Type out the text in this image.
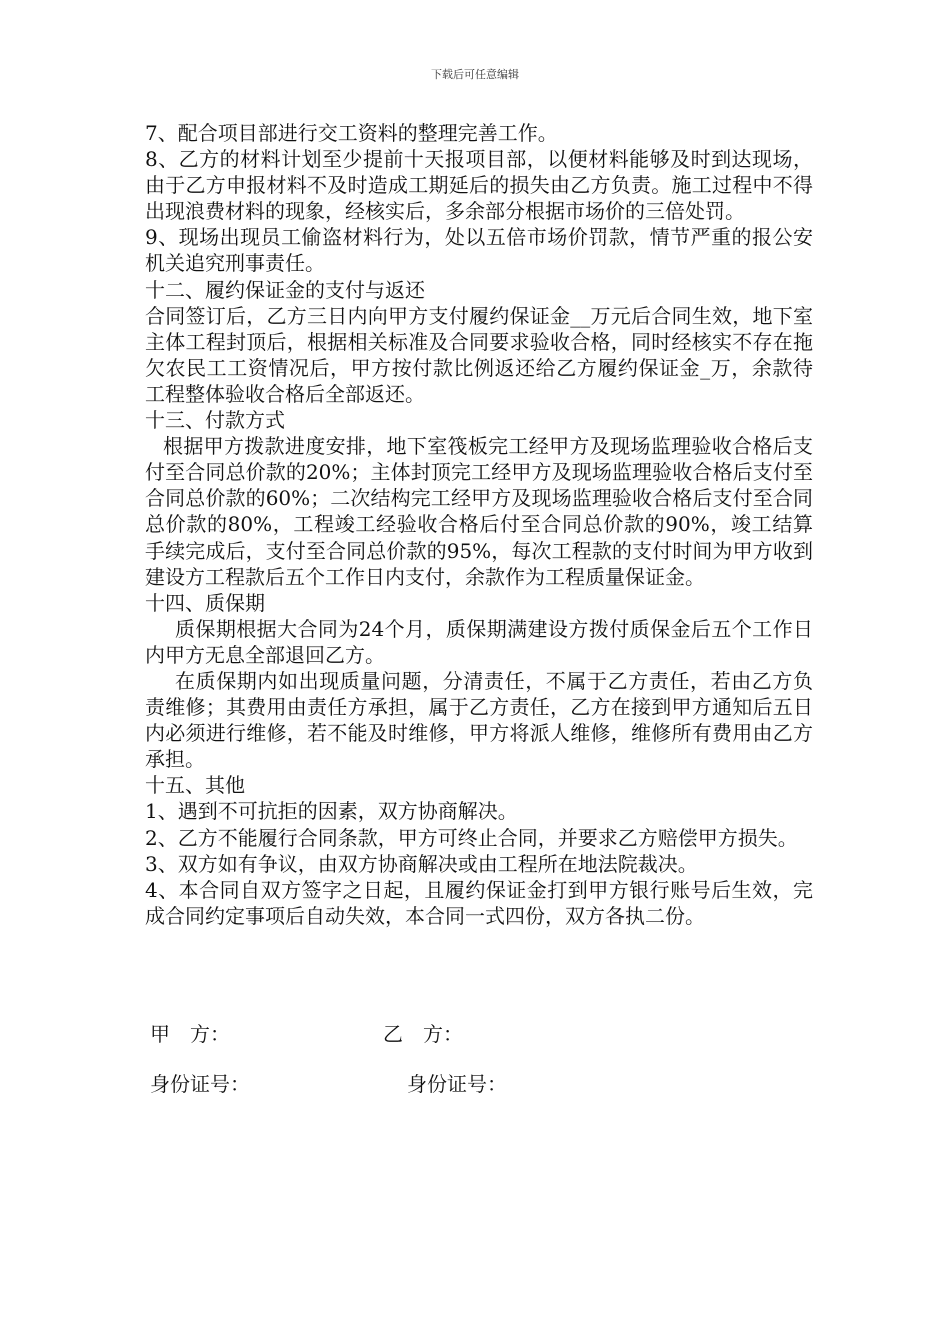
下载后可任意编辑

7、配合项目部进行交工资料的整理完善工作。

8、乙方的材料计划至少提前十天报项目部，以便材料能够及时到达现场，由于乙方申报材料不及时造成工期延后的损失由乙方负责。施工过程中不得出现浪费材料的现象，经核实后，多余部分根据市场价的三倍处罚。

9、现场出现员工偷盗材料行为，处以五倍市场价罚款，情节严重的报公安机关追究刑事责任。

十二、履约保证金的支付与返还

合同签订后，乙方三日内向甲方支付履约保证金__万元后合同生效，地下室主体工程封顶后，根据相关标准及合同要求验收合格，同时经核实不存在拖欠农民工工资情况后，甲方按付款比例返还给乙方履约保证金_万，余款待工程整体验收合格后全部返还。

十三、付款方式

根据甲方拨款进度安排，地下室筏板完工经甲方及现场监理验收合格后支付至合同总价款的20%；主体封顶完工经甲方及现场监理验收合格后支付至合同总价款的60%；二次结构完工经甲方及现场监理验收合格后支付至合同总价款的80%，工程竣工经验收合格后付至合同总价款的90%，竣工结算手续完成后，支付至合同总价款的95%，每次工程款的支付时间为甲方收到建设方工程款后五个工作日内支付，余款作为工程质量保证金。

十四、质保期

质保期根据大合同为24个月，质保期满建设方拨付质保金后五个工作日内甲方无息全部退回乙方。

在质保期内如出现质量问题，分清责任，不属于乙方责任，若由乙方负责维修；其费用由责任方承担，属于乙方责任，乙方在接到甲方通知后五日内必须进行维修，若不能及时维修，甲方将派人维修，维修所有费用由乙方承担。

十五、其他

1、遇到不可抗拒的因素，双方协商解决。

2、乙方不能履行合同条款，甲方可终止合同，并要求乙方赔偿甲方损失。

3、双方如有争议，由双方协商解决或由工程所在地法院裁决。

4、本合同自双方签字之日起，且履约保证金打到甲方银行账号后生效，完成合同约定事项后自动失效，本合同一式四份，双方各执二份。

甲　方：	乙　方：
身份证号：	身份证号：
